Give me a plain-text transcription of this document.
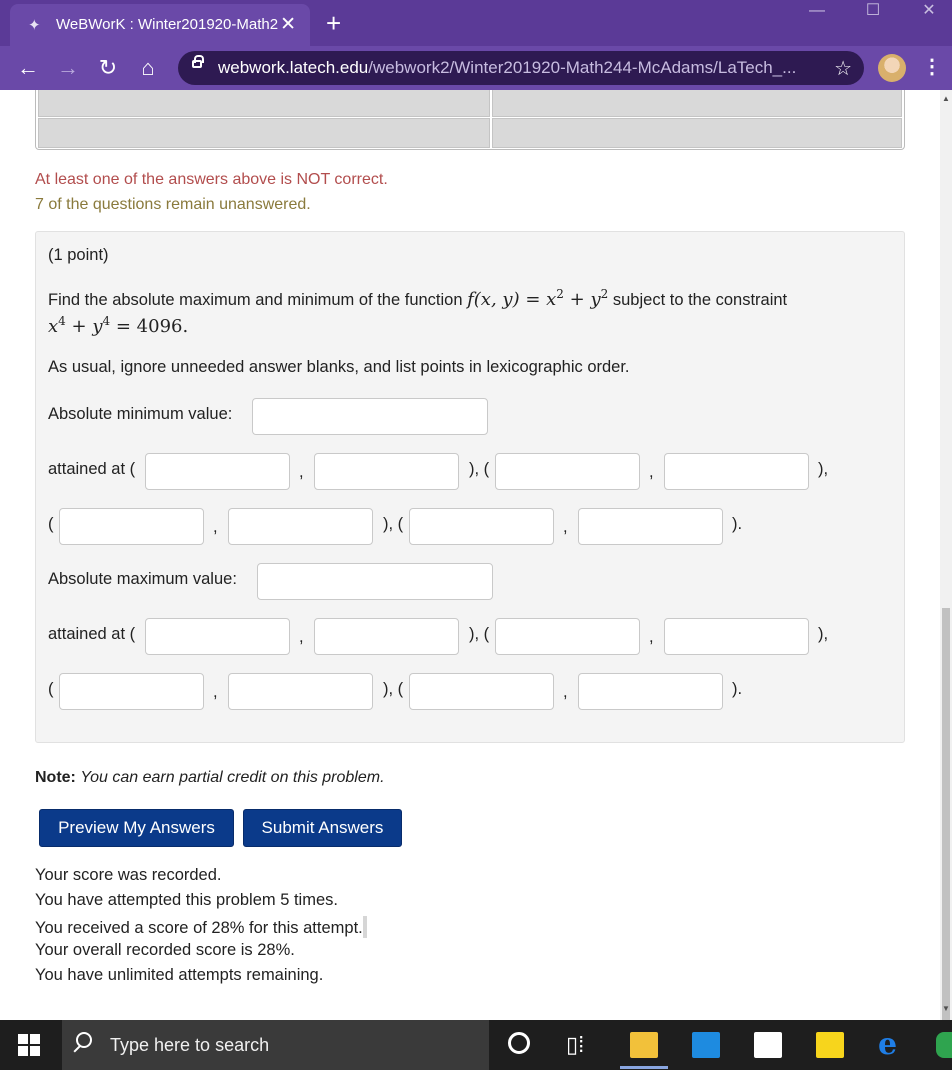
✦ WeBWorK : Winter201920-Math2 ✕ +	—	☐	✕
← → ↻	⌂	webwork.latech.edu/webwork2/Winter201920-Math244-McAdams/LaTech_... ☆	⋮
At least one of the answers above is NOT correct.
7 of the questions remain unanswered.
(1 point)
Find the absolute maximum and minimum of the function f(x, $y) = x^2 + y^2$ subject to the constraint
$x^4 + y^4 = 4096$.
As usual, ignore unneeded answer blanks, and list points in lexicographic order.
Absolute minimum value:
attained at (	,	), (	,	),
(	,	), (	,	).
Absolute maximum value:
attained at (	,	), (	,	),
(	,	), (	,	).
Note: You can earn partial credit on this problem.
Preview My Answers	Submit Answers
Your score was recorded.
You have attempted this problem 5 times.
You received a score of 28% for this attempt.
Your overall recorded score is 28%.
You have unlimited attempts remaining.
▲
▼
Type here to search	▯⁞	e
